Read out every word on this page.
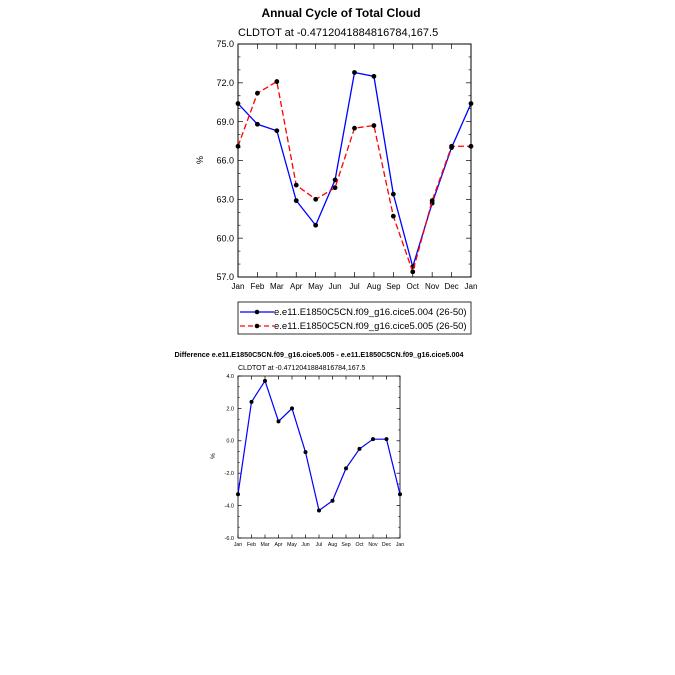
Annual Cycle of Total Cloud
CLDTOT at -0.4712041884816784,167.5
%
57.0
60.0
63.0
66.0
69.0
72.0
75.0
Jan Feb Mar Apr May Jun Jul Aug Sep Oct Nov Dec Jan
e.e11.E1850C5CN.f09_g16.cice5.004 (26-50)
e.e11.E1850C5CN.f09_g16.cice5.005 (26-50)
Difference e.e11.E1850C5CN.f09_g16.cice5.005 - e.e11.E1850C5CN.f09_g16.cice5.004
CLDTOT at -0.4712041884816784,167.5
%
-6.0
-4.0
-2.0
0.0
2.0
4.0
Jan Feb Mar Apr May Jun Jul Aug Sep Oct Nov Dec Jan
